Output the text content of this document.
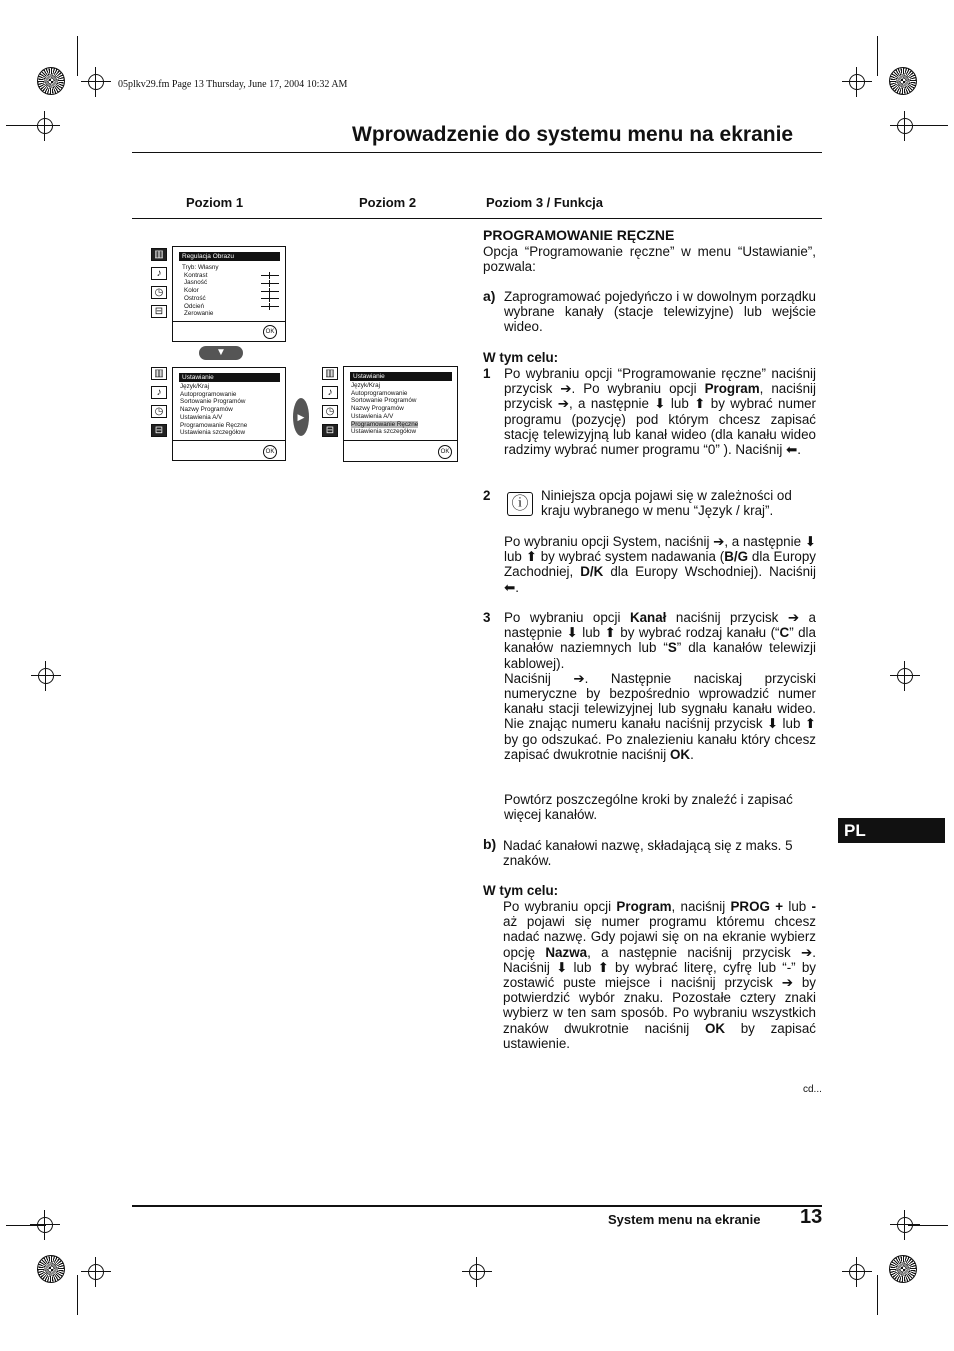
05plkv29.fm Page 13 Thursday, June 17, 2004 10:32 AM
Wprowadzenie do systemu menu na ekranie
Poziom 1	Poziom 2	Poziom 3 / Funkcja
▥
♪
◷
⊟
Regulacja Obrazu
Tryb: Własny
Kontrast
Jasność
Kolor
Ostrość
Odcień
Zerowanie
OK
▼
▥
♪
◷
⊟
Ustawianie
Język/Kraj
Autoprogramowanie
Sortowanie Programów
Nazwy Programów
Ustawienia A/V
Programowanie Ręczne
Ustawienia szczegółow
OK
▶
▥
♪
◷
⊟
Ustawianie
Język/Kraj
Autoprogramowanie
Sortowanie Programów
Nazwy Programów
Ustawienia A/V
Programowanie Ręczne
Ustawienia szczegółow
OK
PROGRAMOWANIE RĘCZNE
Opcja “Programowanie ręczne” w menu “Ustawianie”, pozwala:
a) Zaprogramować pojedyńczo i w dowolnym porządku wybrane kanały (stacje telewizyjne) lub wejście wideo.
W tym celu:
1 Po wybraniu opcji “Programowanie ręczne” naciśnij przycisk ➔. Po wybraniu opcji Program, naciśnij przycisk ➔, a następnie ⬇ lub ⬆ by wybrać numer programu (pozycję) pod którym chcesz zapisać stację telewizyjną lub kanał wideo (dla kanału wideo radzimy wybrać numer programu “0” ). Naciśnij ⬅.
2 ⓘ Niniejsza opcja pojawi się w zależności od kraju wybranego w menu “Język / kraj”.
Po wybraniu opcji System, naciśnij ➔, a następnie ⬇ lub ⬆ by wybrać system nadawania (B/G dla Europy Zachodniej, D/K dla Europy Wschodniej). Naciśnij ⬅.
3 Po wybraniu opcji Kanał naciśnij przycisk ➔ a następnie ⬇ lub ⬆ by wybrać rodzaj kanału (“C” dla kanałów naziemnych lub “S” dla kanałów telewizji kablowej).
Naciśnij ➔. Następnie naciskaj przyciski numeryczne by bezpośrednio wprowadzić numer kanału stacji telewizyjnej lub sygnału kanału wideo. Nie znając numeru kanału naciśnij przycisk ⬇ lub ⬆ by go odszukać. Po znalezieniu kanału który chcesz zapisać dwukrotnie naciśnij OK.
Powtórz poszczególne kroki by znaleźć i zapisać więcej kanałów.
b) Nadać kanałowi nazwę, składającą się z maks. 5 znaków.
W tym celu:
Po wybraniu opcji Program, naciśnij PROG + lub - aż pojawi się numer programu któremu chcesz nadać nazwę. Gdy pojawi się on na ekranie wybierz opcję Nazwa, a następnie naciśnij przycisk ➔. Naciśnij ⬇ lub ⬆ by wybrać literę, cyfrę lub “-” by zostawić puste miejsce i naciśnij przycisk ➔ by potwierdzić wybór znaku. Pozostałe cztery znaki wybierz w ten sam sposób. Po wybraniu wszystkich znaków dwukrotnie naciśnij OK by zapisać ustawienie.
cd...
PL
System menu na ekranie 13
